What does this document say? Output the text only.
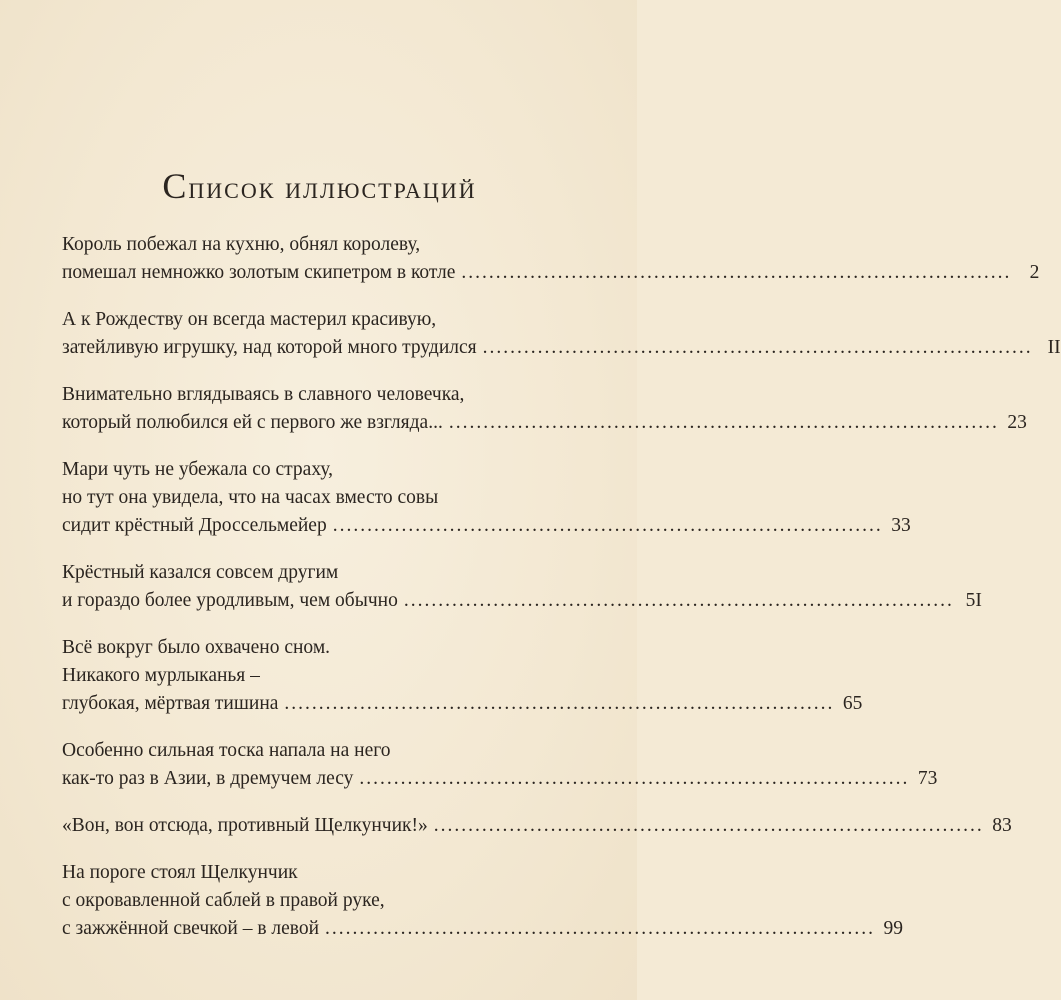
Список иллюстраций
Король побежал на кухню, обнял королеву,
помешал немножко золотым скипетром в котле ................................................................................ 2
А к Рождеству он всегда мастерил красивую,
затейливую игрушку, над которой много трудился ................................................................................ II
Внимательно вглядываясь в славного человечка,
который полюбился ей с первого же взгляда... ................................................................................ 23
Мари чуть не убежала со страху,
но тут она увидела, что на часах вместо совы
сидит крёстный Дроссельмейер ................................................................................ 33
Крёстный казался совсем другим
и гораздо более уродливым, чем обычно ................................................................................ 5I
Всё вокруг было охвачено сном.
Никакого мурлыканья –
глубокая, мёртвая тишина ................................................................................ 65
Особенно сильная тоска напала на него
как-то раз в Азии, в дремучем лесу ................................................................................ 73
«Вон, вон отсюда, противный Щелкунчик!» ................................................................................ 83
На пороге стоял Щелкунчик
с окровавленной саблей в правой руке,
с зажжённой свечкой – в левой ................................................................................ 99
